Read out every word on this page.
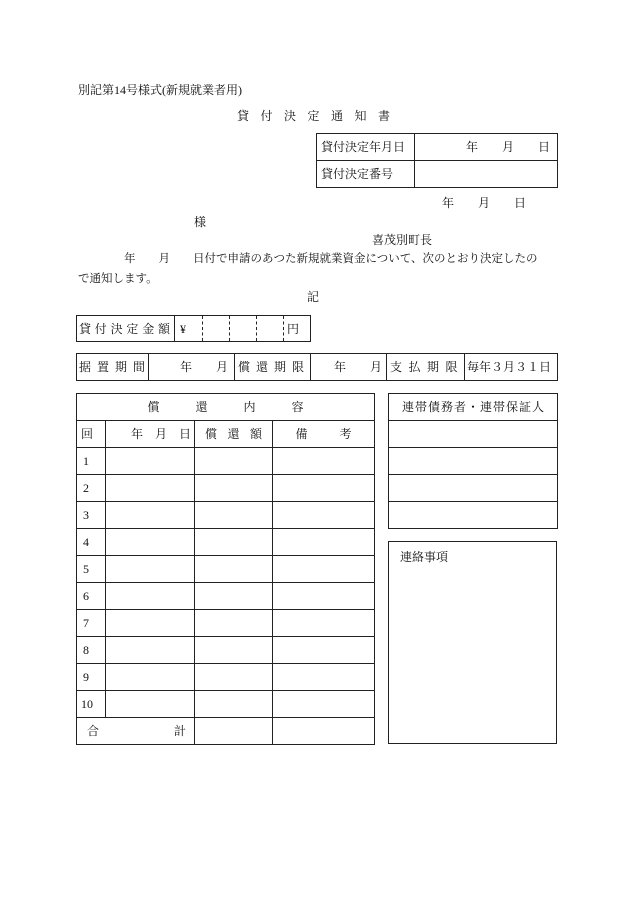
別記第14号様式(新規就業者用)
貸付決定通知書
貸付決定年月日	年　　月　　日
貸付決定番号	
年　　月　　日
様
喜茂別町長
年　　月　　日付で申請のあつた新規就業資金について、次のとおり決定したの
で通知します。
記
貸付決定金額	¥				円
据置期間	年　　月	償還期限	年　　月	支払期限	毎年３月３１日
償還内容			
回	年月日	償還額	備考
1			
2			
3			
4			
5			
6			
7			
8			
9			
10			
合計			
連帯債務者・連帯保証人

連絡事項
